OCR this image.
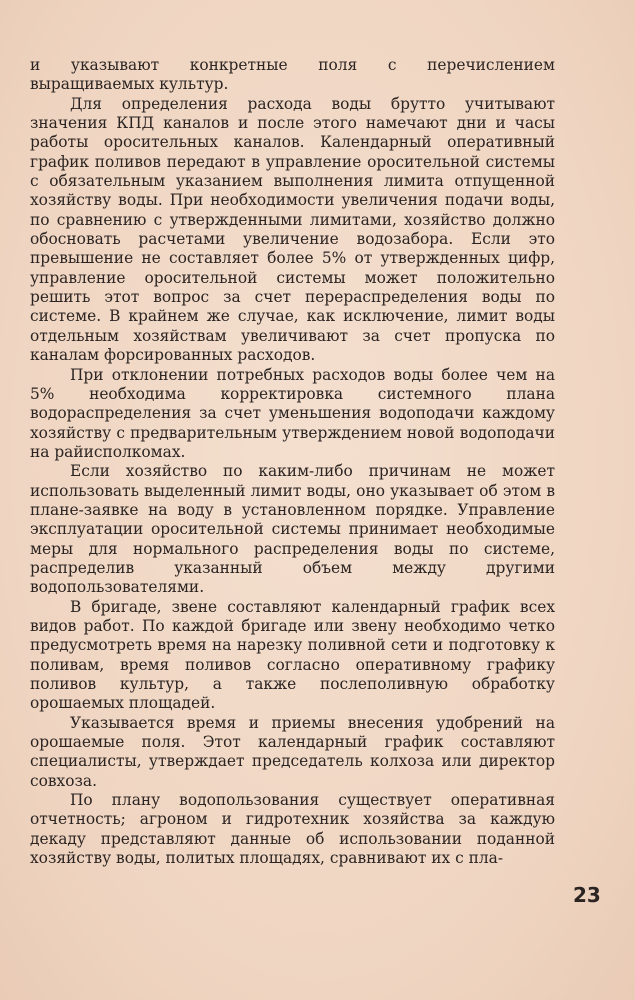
и указывают конкретные поля с перечислением выращиваемых культур.

Для определения расхода воды брутто учитывают значения КПД каналов и после этого намечают дни и часы работы оросительных каналов. Календарный оперативный график поливов передают в управление оросительной системы с обязательным указанием выполнения лимита отпущенной хозяйству воды. При необходимости увеличения подачи воды, по сравнению с утвержденными лимитами, хозяйство должно обосновать расчетами увеличение водозабора. Если это превышение не составляет более 5% от утвержденных цифр, управление оросительной системы может положительно решить этот вопрос за счет перераспределения воды по системе. В крайнем же случае, как исключение, лимит воды отдельным хозяйствам увеличивают за счет пропуска по каналам форсированных расходов.

При отклонении потребных расходов воды более чем на 5% необходима корректировка системного плана водораспределения за счет уменьшения водоподачи каждому хозяйству с предварительным утверждением новой водоподачи на райисполкомах.

Если хозяйство по каким-либо причинам не может использовать выделенный лимит воды, оно указывает об этом в плане-заявке на воду в установленном порядке. Управление эксплуатации оросительной системы принимает необходимые меры для нормального распределения воды по системе, распределив указанный объем между другими водопользователями.

В бригаде, звене составляют календарный график всех видов работ. По каждой бригаде или звену необходимо четко предусмотреть время на нарезку поливной сети и подготовку к поливам, время поливов согласно оперативному графику поливов культур, а также послеполивную обработку орошаемых площадей.

Указывается время и приемы внесения удобрений на орошаемые поля. Этот календарный график составляют специалисты, утверждает председатель колхоза или директор совхоза.

По плану водопользования существует оперативная отчетность; агроном и гидротехник хозяйства за каждую декаду представляют данные об использовании поданной хозяйству воды, политых площадях, сравнивают их с пла-

23
